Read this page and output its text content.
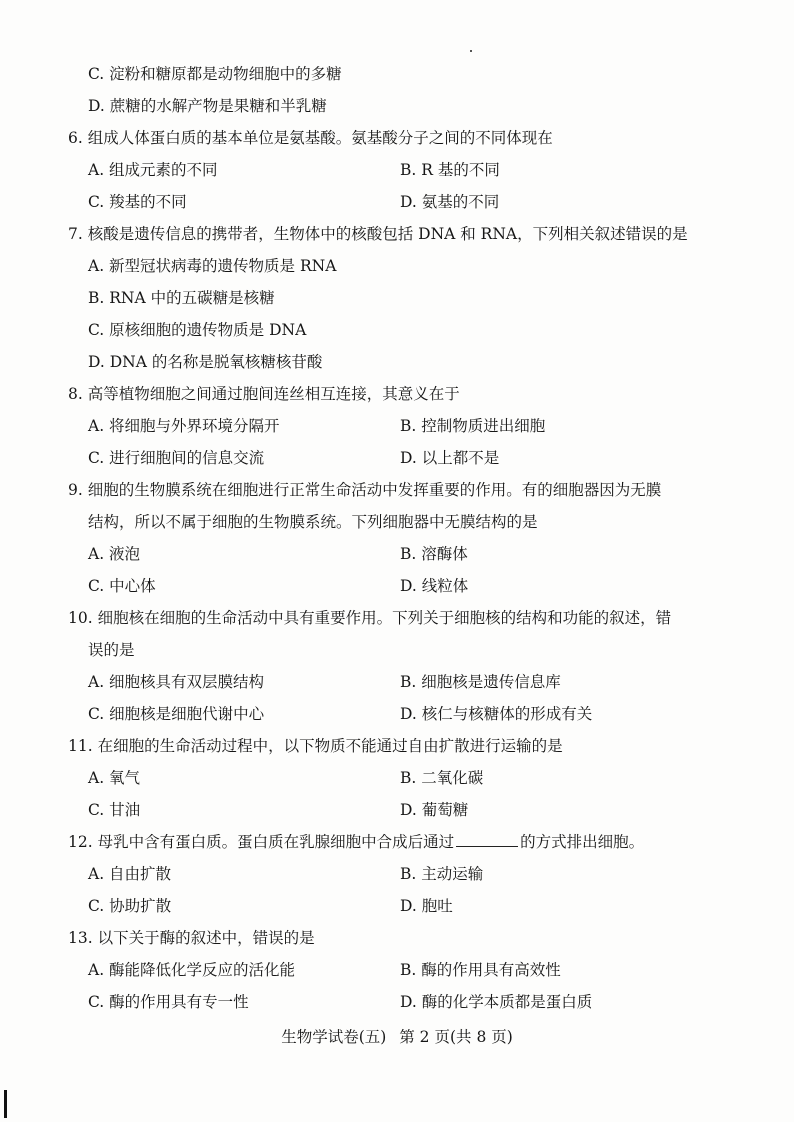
C. 淀粉和糖原都是动物细胞中的多糖
D. 蔗糖的水解产物是果糖和半乳糖
6. 组成人体蛋白质的基本单位是氨基酸。氨基酸分子之间的不同体现在
A. 组成元素的不同	B. R 基的不同
C. 羧基的不同	D. 氨基的不同
7. 核酸是遗传信息的携带者，生物体中的核酸包括 DNA 和 RNA，下列相关叙述错误的是
A. 新型冠状病毒的遗传物质是 RNA
B. RNA 中的五碳糖是核糖
C. 原核细胞的遗传物质是 DNA
D. DNA 的名称是脱氧核糖核苷酸
8. 高等植物细胞之间通过胞间连丝相互连接，其意义在于
A. 将细胞与外界环境分隔开	B. 控制物质进出细胞
C. 进行细胞间的信息交流	D. 以上都不是
9. 细胞的生物膜系统在细胞进行正常生命活动中发挥重要的作用。有的细胞器因为无膜
结构，所以不属于细胞的生物膜系统。下列细胞器中无膜结构的是
A. 液泡	B. 溶酶体
C. 中心体	D. 线粒体
10. 细胞核在细胞的生命活动中具有重要作用。下列关于细胞核的结构和功能的叙述，错
误的是
A. 细胞核具有双层膜结构	B. 细胞核是遗传信息库
C. 细胞核是细胞代谢中心	D. 核仁与核糖体的形成有关
11. 在细胞的生命活动过程中，以下物质不能通过自由扩散进行运输的是
A. 氧气	B. 二氧化碳
C. 甘油	D. 葡萄糖
12. 母乳中含有蛋白质。蛋白质在乳腺细胞中合成后通过	的方式排出细胞。
A. 自由扩散	B. 主动运输
C. 协助扩散	D. 胞吐
13. 以下关于酶的叙述中，错误的是
A. 酶能降低化学反应的活化能	B. 酶的作用具有高效性
C. 酶的作用具有专一性	D. 酶的化学本质都是蛋白质
生物学试卷(五) 第 2 页(共 8 页)
